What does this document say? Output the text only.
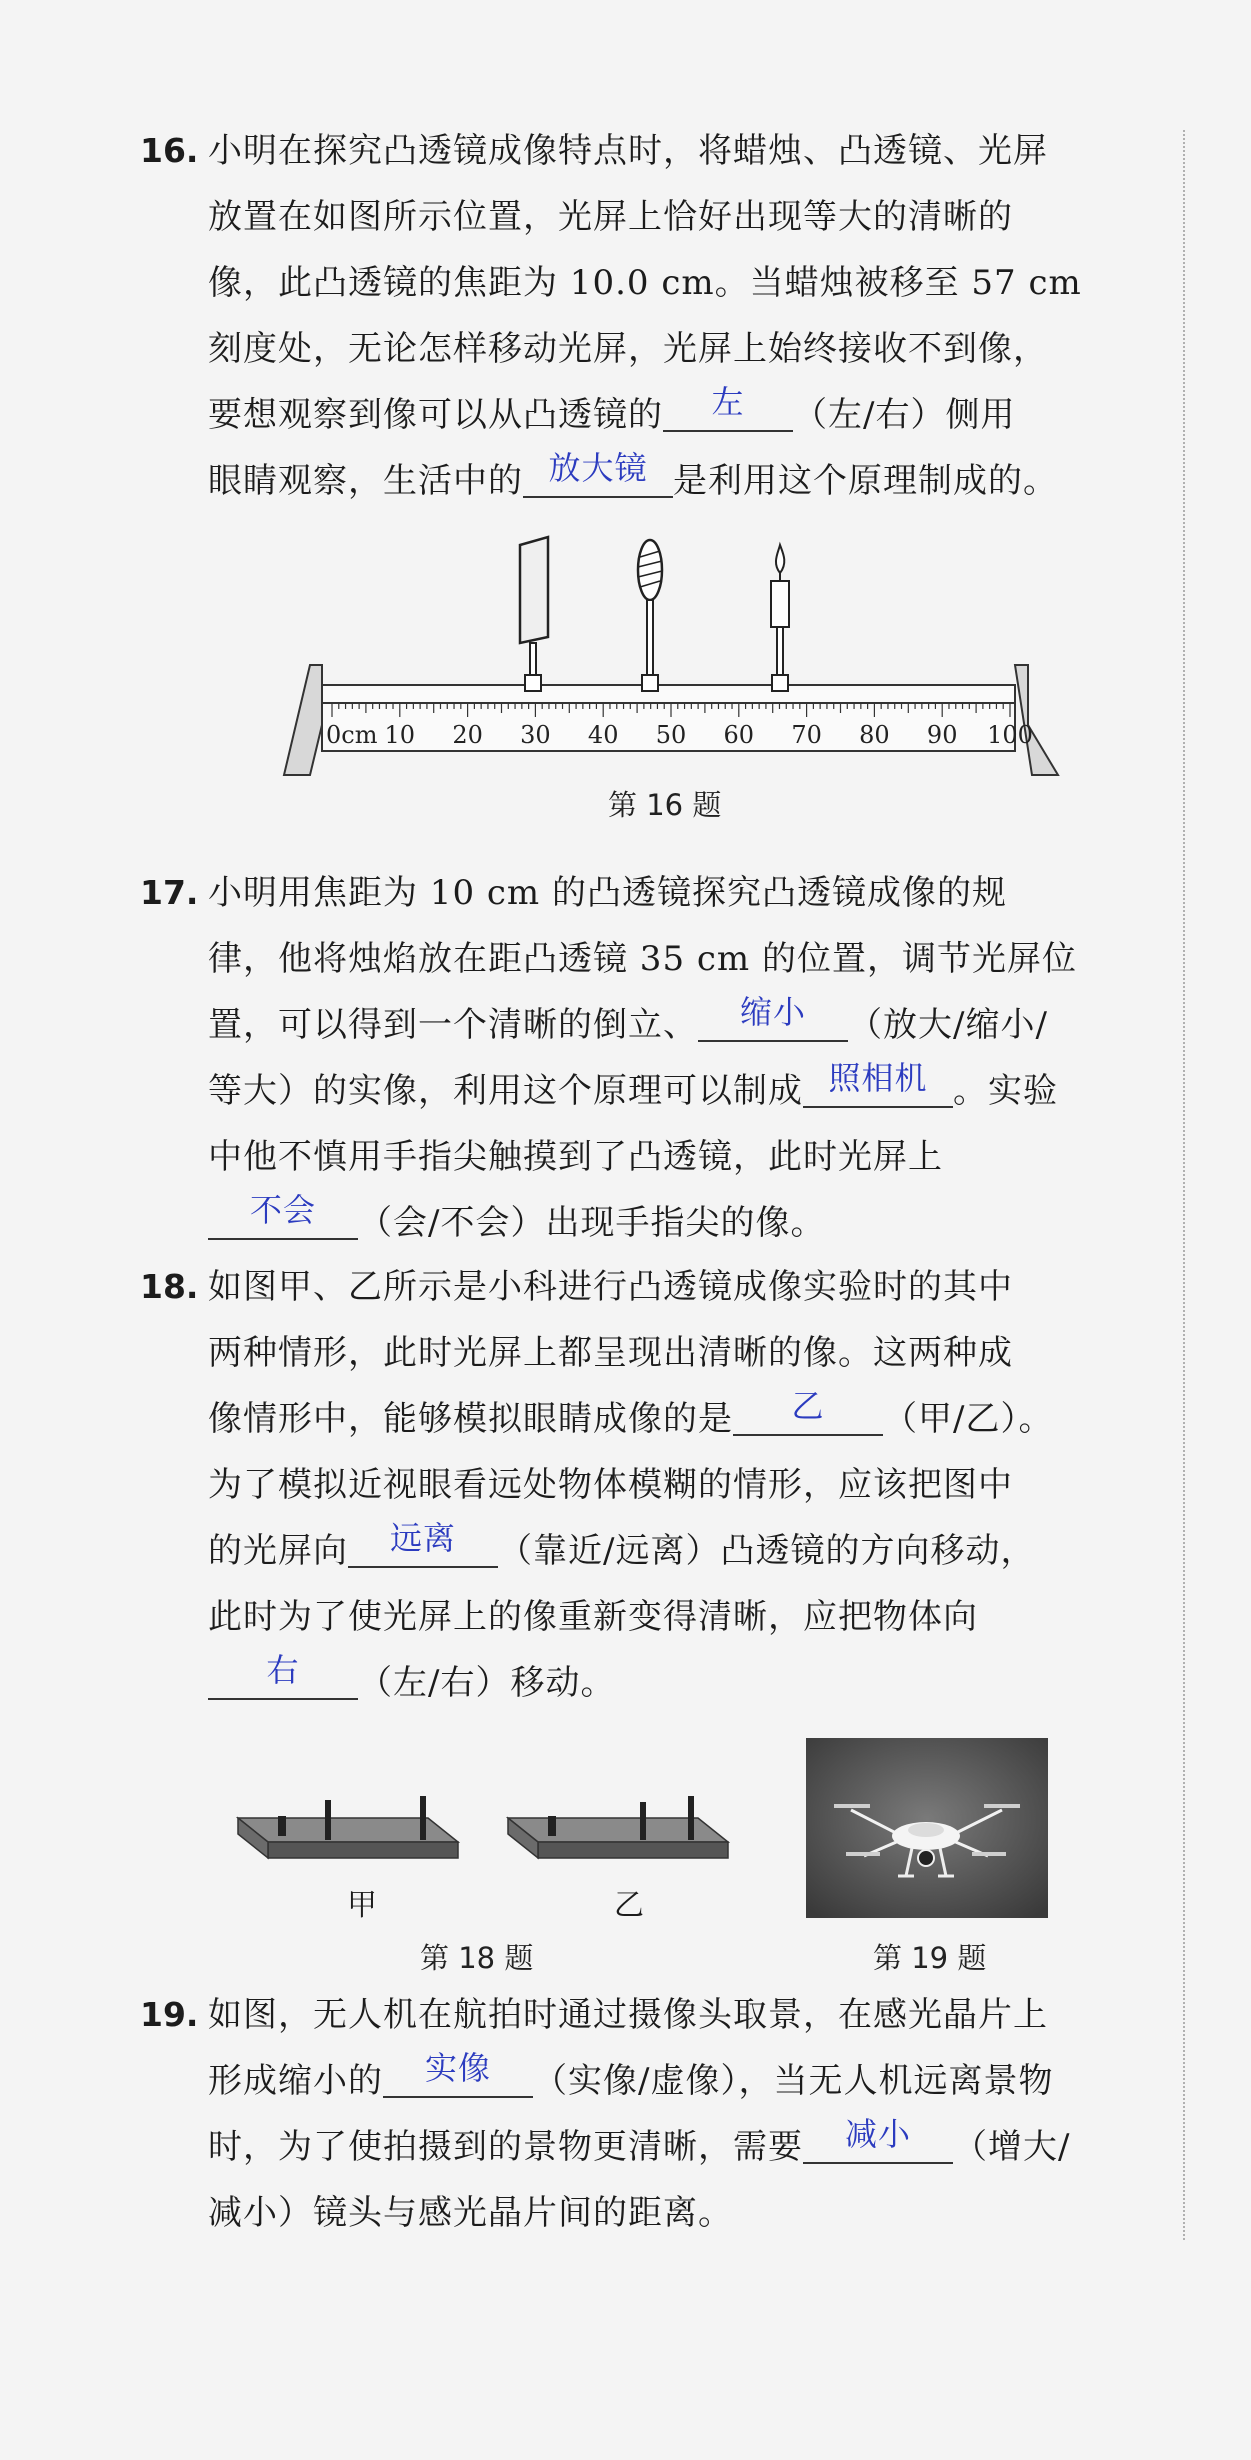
16. 小明在探究凸透镜成像特点时，将蜡烛、凸透镜、光屏
放置在如图所示位置，光屏上恰好出现等大的清晰的
像，此凸透镜的焦距为 10.0 cm。当蜡烛被移至 57 cm
刻度处，无论怎样移动光屏，光屏上始终接收不到像，
要想观察到像可以从凸透镜的	左	（左/右）侧用
眼睛观察，生活中的 放大镜 是利用这个原理制成的。
0cm 10 20 30 40 50 60 70 80 90 100
第 16 题
17. 小明用焦距为 10 cm 的凸透镜探究凸透镜成像的规
律，他将烛焰放在距凸透镜 35 cm 的位置，调节光屏位
置，可以得到一个清晰的倒立、	缩小	（放大/缩小/
等大）的实像，利用这个原理可以制成 照相机 。实验
中他不慎用手指尖触摸到了凸透镜，此时光屏上
不会	（会/不会）出现手指尖的像。
18. 如图甲、乙所示是小科进行凸透镜成像实验时的其中
两种情形，此时光屏上都呈现出清晰的像。这两种成
像情形中，能够模拟眼睛成像的是	乙	（甲/乙）。
为了模拟近视眼看远处物体模糊的情形，应该把图中
的光屏向	远离	（靠近/远离）凸透镜的方向移动，
此时为了使光屏上的像重新变得清晰，应把物体向
右	（左/右）移动。
甲	乙
第 18 题	第 19 题
19. 如图，无人机在航拍时通过摄像头取景，在感光晶片上
形成缩小的	实像	（实像/虚像），当无人机远离景物
时，为了使拍摄到的景物更清晰，需要	减小	（增大/
减小）镜头与感光晶片间的距离。
